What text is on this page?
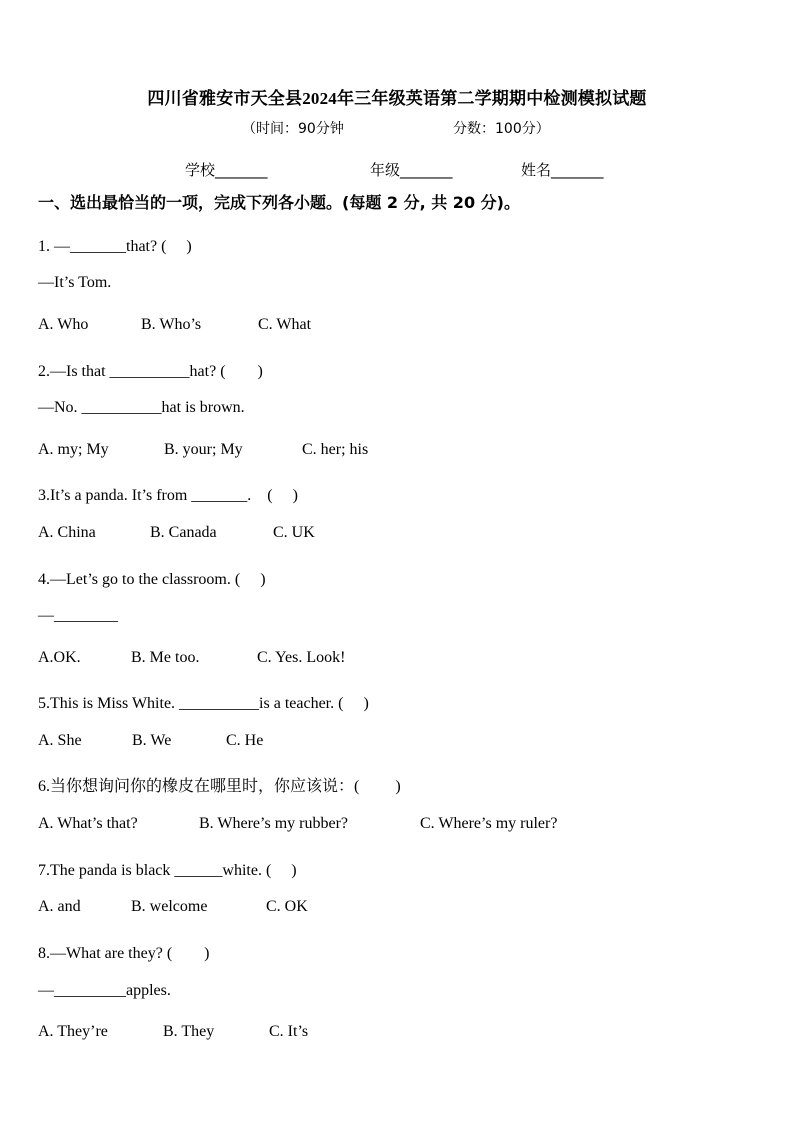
四川省雅安市天全县2024年三年级英语第二学期期中检测模拟试题
（时间：90分钟	分数：100分）
学校_______	年级_______	姓名_______
一、选出最恰当的一项，完成下列各小题。(每题 2 分, 共 20 分)。
1. —_______that? (　 )
—It’s Tom.
A. Who	B. Who’s	C. What
2.—Is that __________hat? (　　)
—No. __________hat is brown.
A. my; My	B. your; My	C. her; his
3.It’s a panda. It’s from _______.　(　 )
A. China	B. Canada	C. UK
4.—Let’s go to the classroom. (　 )
—________
A.OK.	B. Me too.	C. Yes. Look!
5.This is Miss White. __________is a teacher. (　 )
A. She	B. We	C. He
6.当你想询问你的橡皮在哪里时，你应该说：(　 　)
A. What’s that?	B. Where’s my rubber?	C. Where’s my ruler?
7.The panda is black ______white. (　 )
A. and	B. welcome	C. OK
8.—What are they? (　　)
—_________apples.
A. They’re	B. They	C. It’s
